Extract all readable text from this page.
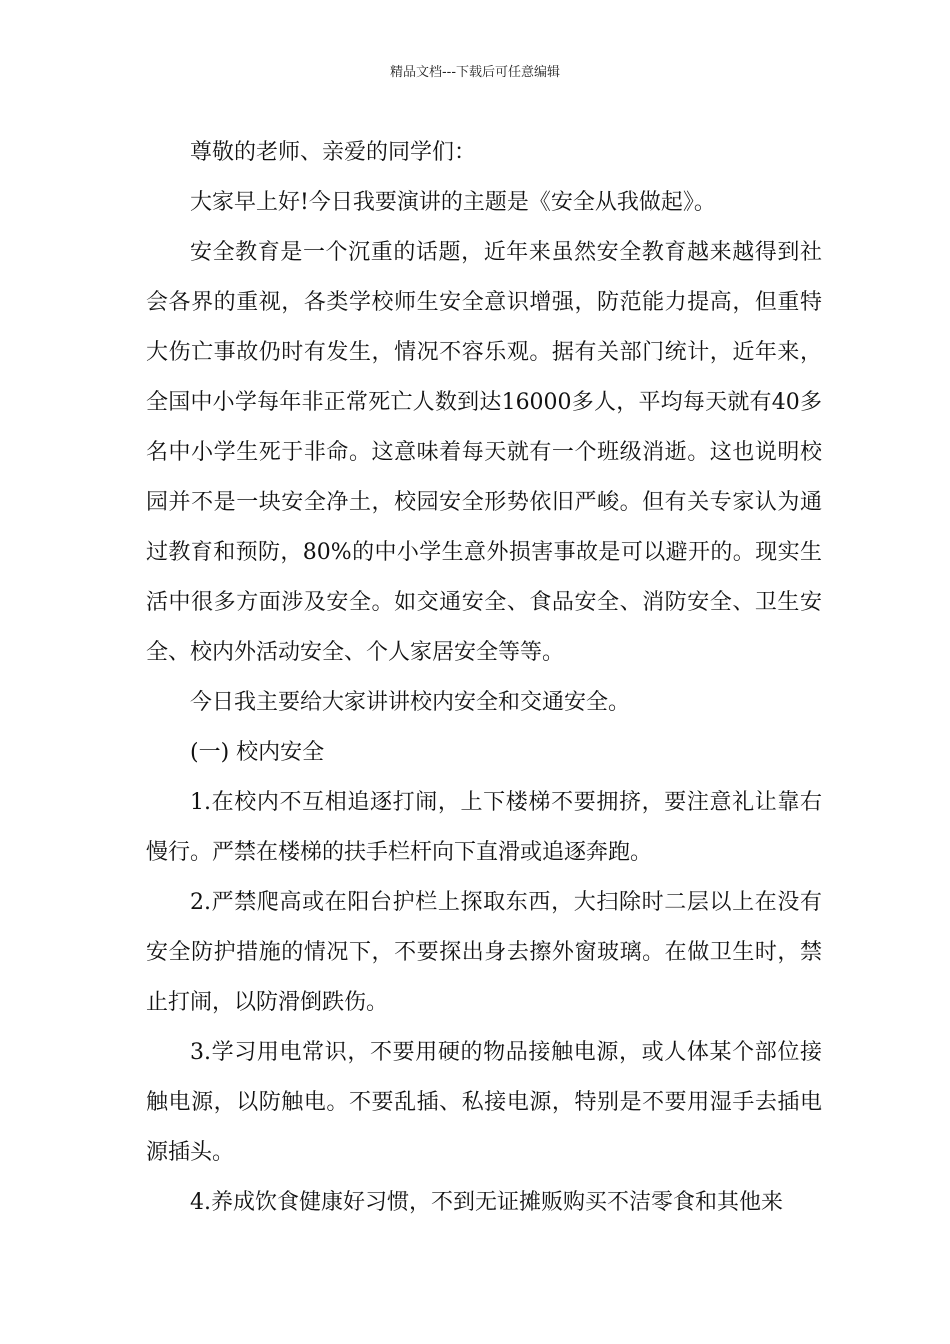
精品文档---下载后可任意编辑

尊敬的老师、亲爱的同学们：

大家早上好!今日我要演讲的主题是《安全从我做起》。

安全教育是一个沉重的话题，近年来虽然安全教育越来越得到社会各界的重视，各类学校师生安全意识增强，防范能力提高，但重特大伤亡事故仍时有发生，情况不容乐观。据有关部门统计，近年来，全国中小学每年非正常死亡人数到达16000多人，平均每天就有40多名中小学生死于非命。这意味着每天就有一个班级消逝。这也说明校园并不是一块安全净土，校园安全形势依旧严峻。但有关专家认为通过教育和预防，80%的中小学生意外损害事故是可以避开的。现实生活中很多方面涉及安全。如交通安全、食品安全、消防安全、卫生安全、校内外活动安全、个人家居安全等等。

今日我主要给大家讲讲校内安全和交通安全。

(一) 校内安全

1.在校内不互相追逐打闹，上下楼梯不要拥挤，要注意礼让靠右慢行。严禁在楼梯的扶手栏杆向下直滑或追逐奔跑。

2.严禁爬高或在阳台护栏上探取东西，大扫除时二层以上在没有安全防护措施的情况下，不要探出身去擦外窗玻璃。在做卫生时，禁止打闹，以防滑倒跌伤。

3.学习用电常识，不要用硬的物品接触电源，或人体某个部位接触电源，以防触电。不要乱插、私接电源，特别是不要用湿手去插电源插头。

4.养成饮食健康好习惯，不到无证摊贩购买不洁零食和其他来
